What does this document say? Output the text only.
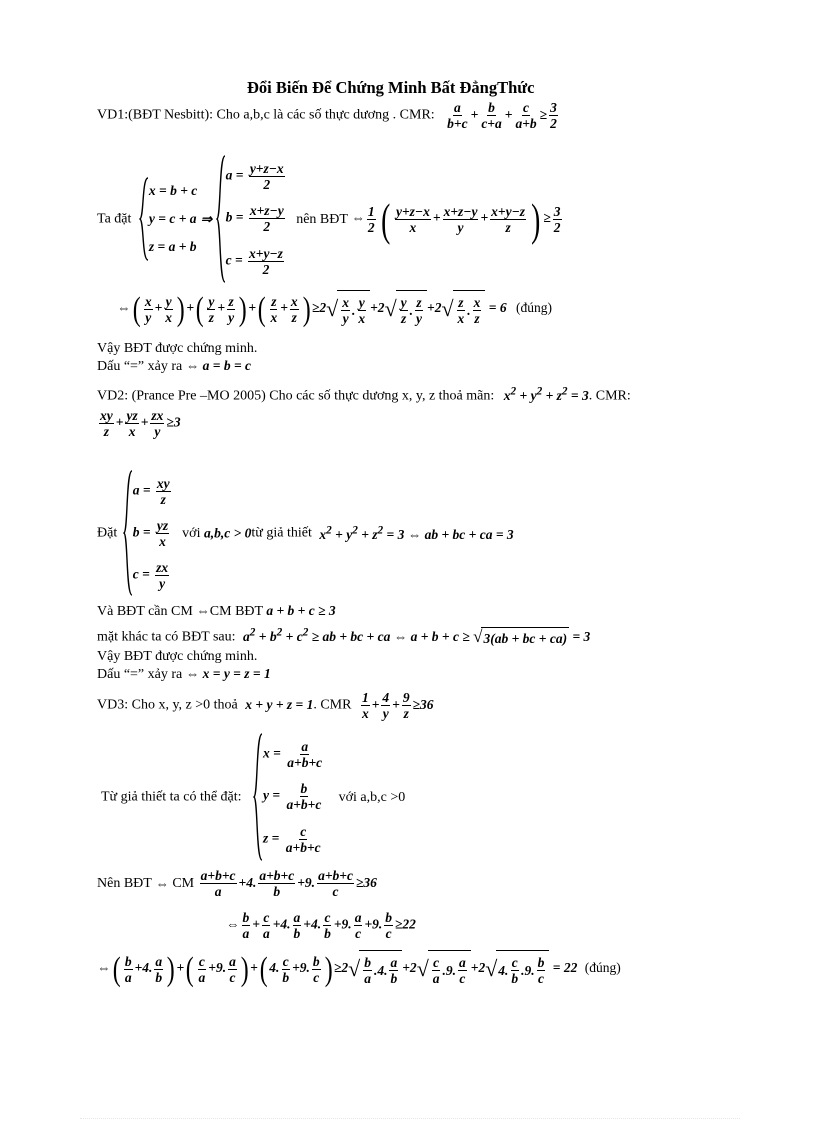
Đổi Biến Để Chứng Minh Bất ĐẳngThức
VD1:(BĐT Nesbitt): Cho a,b,c là các số thực dương . CMR: $\frac{a}{b+c} + \frac{b}{c+a} + \frac{c}{a+b} \ge \frac{3}{2}$
Ta đặt
x = b + c
y = c + a
z = a + b
⇒
$a = \frac{y+z-x}{2}$
$b = \frac{x+z-y}{2}$
$c = \frac{x+y-z}{2}$
nên BĐT ⇔ $\frac{1}{2}$ ( $\frac{y+z-x}{x} + \frac{x+z-y}{y} + \frac{x+y-z}{z}$ ) ≥ $\frac{3}{2}$
⇔( $\frac{x}{y} + \frac{y}{x}$ ) +( $\frac{y}{z} + \frac{z}{y}$ ) +( $\frac{z}{x} + \frac{x}{z}$ ) ≥2 √ x
y
.
y
x
+2 √ y
z
.
z
y
+2 √ z
x
.
x
z
= 6 (đúng)
Vậy BĐT được chứng minh.
Dấu “=” xảy ra ⇔ a = b = c
VD2: (Prance Pre –MO 2005) Cho các số thực dương x, y, z thoả mãn: $x^2 + y^2 + z^2 = 3$. CMR:
$\frac{xy}{z} + \frac{yz}{x} + \frac{zx}{y} \ge 3$
Đặt
$a = \frac{xy}{z}$
$b = \frac{yz}{x}$
$c = \frac{zx}{y}$
với a,b,c > 0từ giả thiết $x^2 + y^2 + z^2 = 3$ ⇔ ab + bc + ca = 3
Và BĐT cần CM ⇔CM BĐT a + b + c ≥ 3
mặt khác ta có BĐT sau: $a^2 + b^2 + c^2$ ≥ ab + bc + ca ⇔ a + b + c ≥ √ 3(ab + bc + ca) = 3
Vậy BĐT được chứng minh.
Dấu “=” xảy ra ⇔ x = y = z = 1
VD3: Cho x, y, z >0 thoả x + y + z = 1. CMR $\frac{1}{x} + \frac{4}{y} + \frac{9}{z} \ge 36$
Từ giả thiết ta có thể đặt:
$x = \frac{a}{a+b+c}$
$y = \frac{b}{a+b+c}$
$z = \frac{c}{a+b+c}$
với a,b,c >0
Nên BĐT ⇔ CM $\frac{a+b+c}{a} +4$. $\frac{a+b+c}{b} +9$. $\frac{a+b+c}{c} \ge 36$
⇔ $\frac{b}{a} + \frac{c}{a} +4$. $\frac{a}{b} +4$. $\frac{c}{b} +9$. $\frac{a}{c} +9$. $\frac{b}{c} \ge 22$
⇔( $\frac{b}{a} +4$. $\frac{a}{b}$ ) +( $\frac{c}{a} +9$. $\frac{a}{c}$ ) +( 4. $\frac{c}{b} +9$. $\frac{b}{c}$ ) ≥2 √ b
a
.4.
a
b
+2 √ c
a
.9.
a
c
+2 √ 4.
c
b
.9.
b
c
= 22 (đúng)
